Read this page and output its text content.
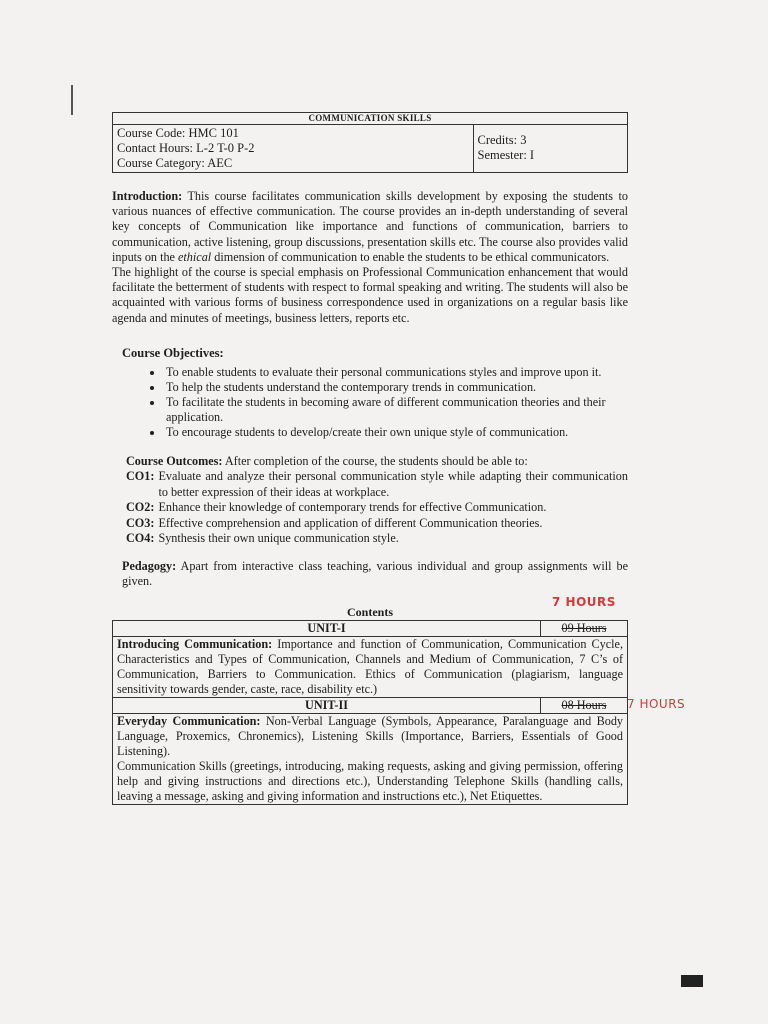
COMMUNICATION SKILLS

Course Code: HMC 101
Contact Hours: L-2 T-0 P-2
Course Category: AEC

Credits: 3
Semester: I

Introduction: This course facilitates communication skills development by exposing the students to various nuances of effective communication. The course provides an in-depth understanding of several key concepts of Communication like importance and functions of communication, barriers to communication, active listening, group discussions, presentation skills etc. The course also provides valid inputs on the ethical dimension of communication to enable the students to be ethical communicators.

The highlight of the course is special emphasis on Professional Communication enhancement that would facilitate the betterment of students with respect to formal speaking and writing. The students will also be acquainted with various forms of business correspondence used in organizations on a regular basis like agenda and minutes of meetings, business letters, reports etc.

Course Objectives:
• To enable students to evaluate their personal communications styles and improve upon it.
• To help the students understand the contemporary trends in communication.
• To facilitate the students in becoming aware of different communication theories and their application.
• To encourage students to develop/create their own unique style of communication.

Course Outcomes: After completion of the course, the students should be able to:

CO1: Evaluate and analyze their personal communication style while adapting their communication to better expression of their ideas at workplace.
CO2: Enhance their knowledge of contemporary trends for effective Communication.
CO3: Effective comprehension and application of different Communication theories.
CO4: Synthesis their own unique communication style.

Pedagogy: Apart from interactive class teaching, various individual and group assignments will be given.

Contents
7 HOURS
UNIT-I	09 Hours
Introducing Communication: Importance and function of Communication, Communication Cycle, Characteristics and Types of Communication, Channels and Medium of Communication, 7 C’s of Communication, Barriers to Communication. Ethics of Communication (plagiarism, language sensitivity towards gender, caste, race, disability etc.)	
UNIT-II	08 Hours 7 HOURS

Everyday Communication: Non-Verbal Language (Symbols, Appearance, Paralanguage and Body Language, Proxemics, Chronemics), Listening Skills (Importance, Barriers, Essentials of Good Listening).

Communication Skills (greetings, introducing, making requests, asking and giving permission, offering help and giving instructions and directions etc.), Understanding Telephone Skills (handling calls, leaving a message, asking and giving information and instructions etc.), Net Etiquettes.	
